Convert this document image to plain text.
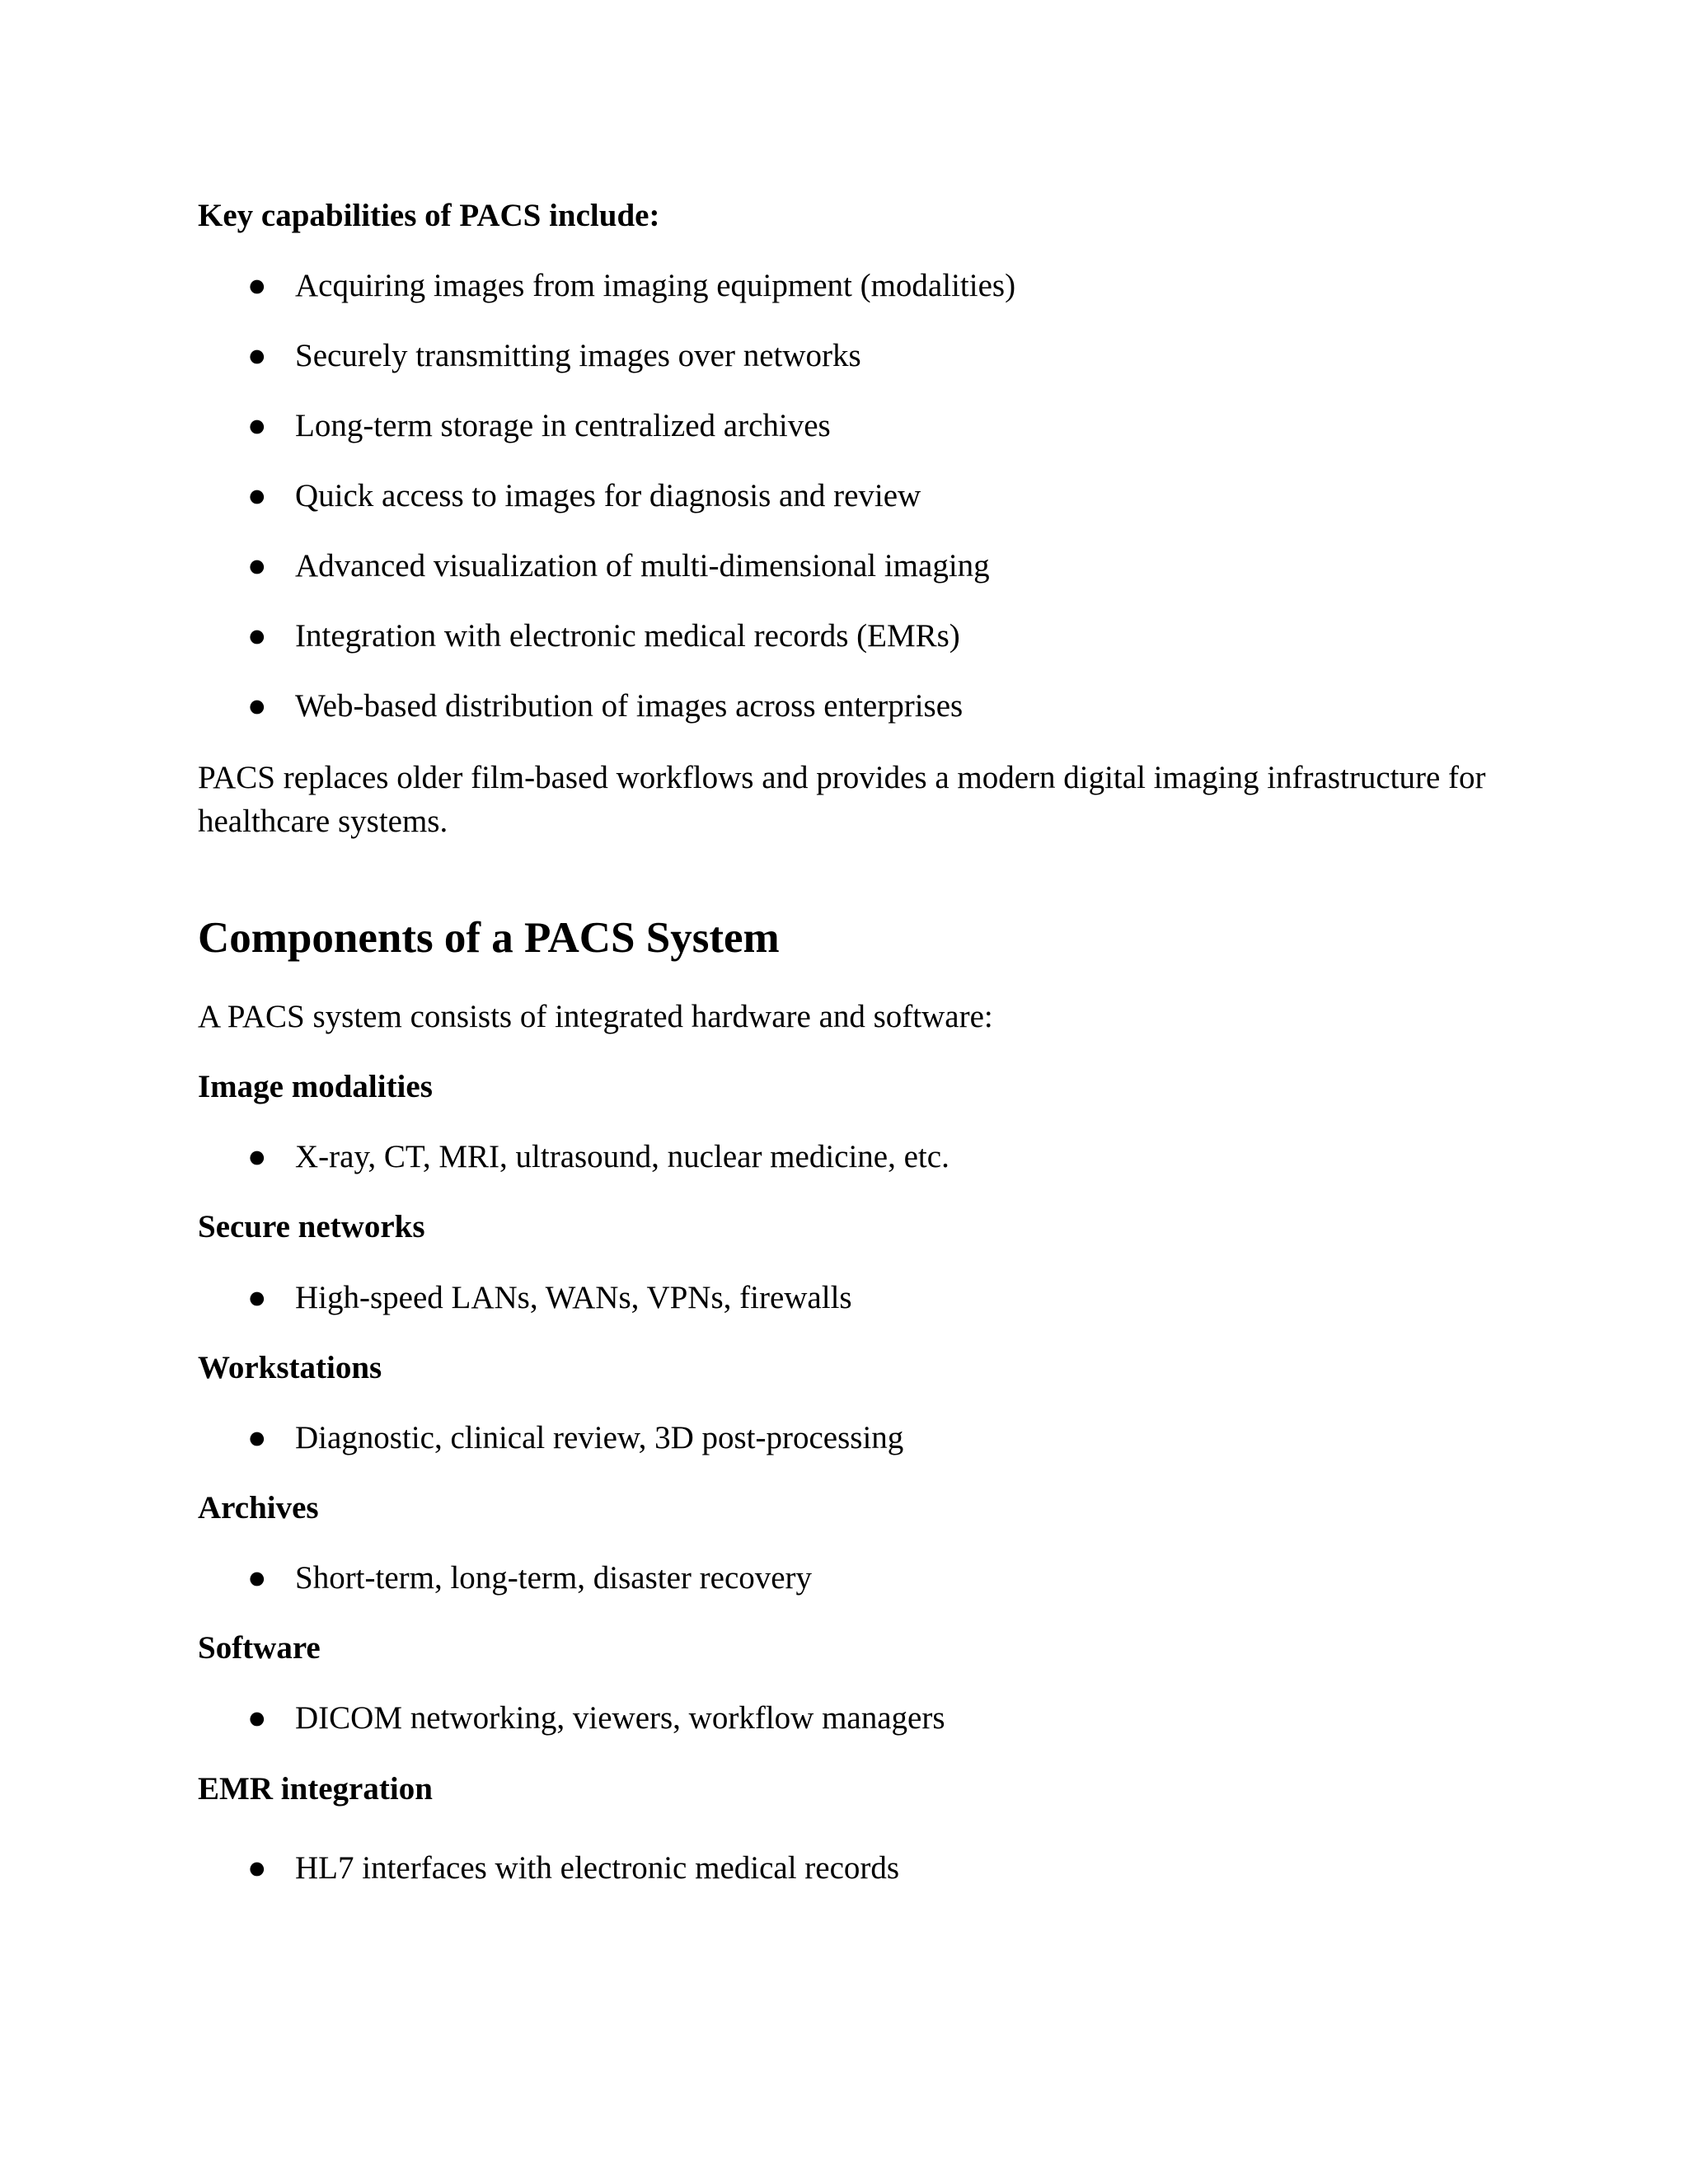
Key capabilities of PACS include:
● Acquiring images from imaging equipment (modalities)
● Securely transmitting images over networks
● Long-term storage in centralized archives
● Quick access to images for diagnosis and review
● Advanced visualization of multi-dimensional imaging
● Integration with electronic medical records (EMRs)
● Web-based distribution of images across enterprises
PACS replaces older film-based workflows and provides a modern digital imaging infrastructure for healthcare systems.
Components of a PACS System
A PACS system consists of integrated hardware and software:
Image modalities
● X-ray, CT, MRI, ultrasound, nuclear medicine, etc.
Secure networks
● High-speed LANs, WANs, VPNs, firewalls
Workstations
● Diagnostic, clinical review, 3D post-processing
Archives
● Short-term, long-term, disaster recovery
Software
● DICOM networking, viewers, workflow managers
EMR integration
● HL7 interfaces with electronic medical records
